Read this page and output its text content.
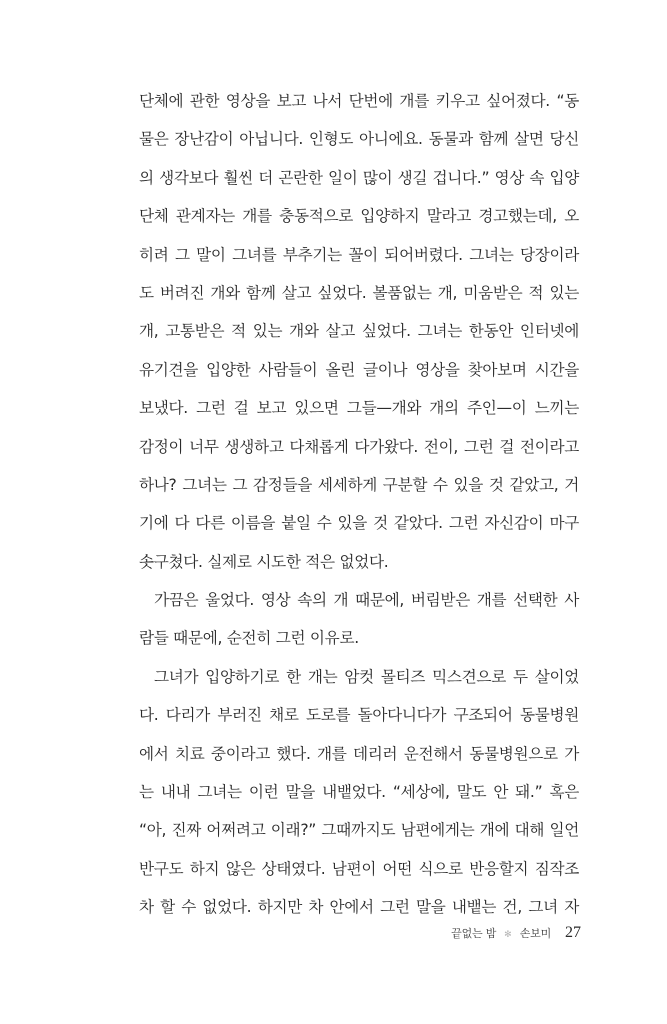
단체에 관한 영상을 보고 나서 단번에 개를 키우고 싶어졌다. “동
물은 장난감이 아닙니다. 인형도 아니에요. 동물과 함께 살면 당신
의 생각보다 훨씬 더 곤란한 일이 많이 생길 겁니다.” 영상 속 입양
단체 관계자는 개를 충동적으로 입양하지 말라고 경고했는데, 오
히려 그 말이 그녀를 부추기는 꼴이 되어버렸다. 그녀는 당장이라
도 버려진 개와 함께 살고 싶었다. 볼품없는 개, 미움받은 적 있는
개, 고통받은 적 있는 개와 살고 싶었다. 그녀는 한동안 인터넷에
유기견을 입양한 사람들이 올린 글이나 영상을 찾아보며 시간을
보냈다. 그런 걸 보고 있으면 그들—개와 개의 주인—이 느끼는
감정이 너무 생생하고 다채롭게 다가왔다. 전이, 그런 걸 전이라고
하나? 그녀는 그 감정들을 세세하게 구분할 수 있을 것 같았고, 거
기에 다 다른 이름을 붙일 수 있을 것 같았다. 그런 자신감이 마구
솟구쳤다. 실제로 시도한 적은 없었다.
가끔은 울었다. 영상 속의 개 때문에, 버림받은 개를 선택한 사
람들 때문에, 순전히 그런 이유로.
그녀가 입양하기로 한 개는 암컷 몰티즈 믹스견으로 두 살이었
다. 다리가 부러진 채로 도로를 돌아다니다가 구조되어 동물병원
에서 치료 중이라고 했다. 개를 데리러 운전해서 동물병원으로 가
는 내내 그녀는 이런 말을 내뱉었다. “세상에, 말도 안 돼.” 혹은
“아, 진짜 어쩌려고 이래?” 그때까지도 남편에게는 개에 대해 일언
반구도 하지 않은 상태였다. 남편이 어떤 식으로 반응할지 짐작조
차 할 수 없었다. 하지만 차 안에서 그런 말을 내뱉는 건, 그녀 자
끝없는 밤 ✻ 손보미 27
